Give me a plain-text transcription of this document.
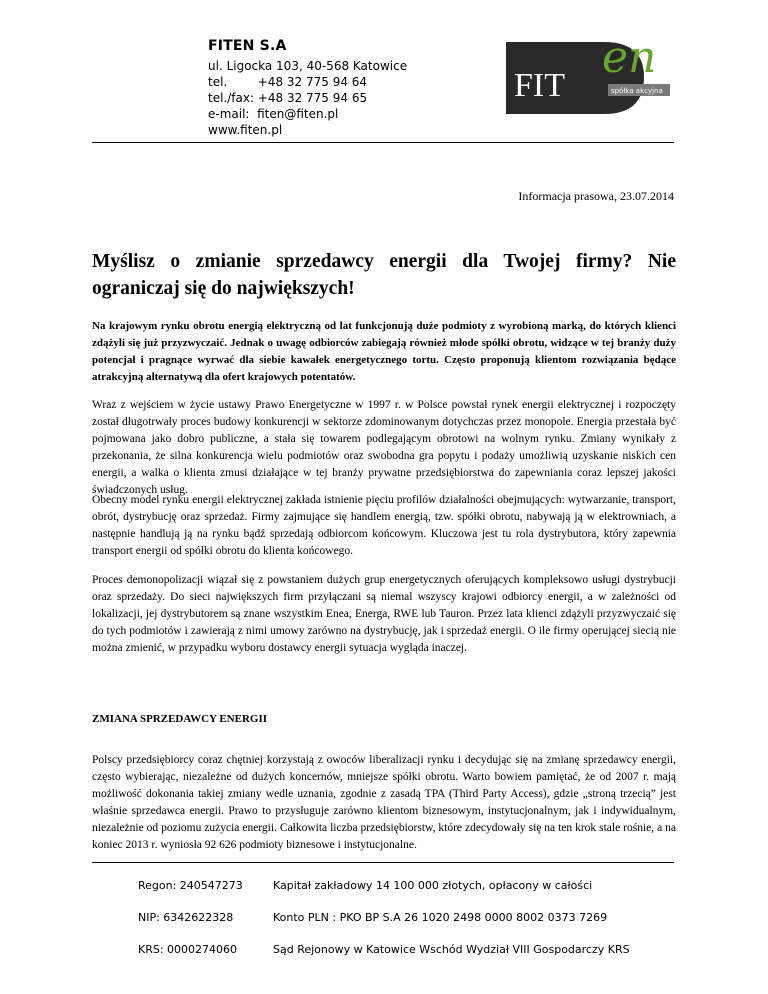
FITEN S.A
ul. Ligocka 103, 40-568 Katowice
tel.        +48 32 775 94 64
tel./fax: +48 32 775 94 65
e-mail:  fiten@fiten.pl
www.fiten.pl
FIT
en
spółka akcyjna
Informacja prasowa, 23.07.2014
Myślisz o zmianie sprzedawcy energii dla Twojej firmy? Nie ograniczaj się do największych!

Na krajowym rynku obrotu energią elektryczną od lat funkcjonują duże podmioty z wyrobioną marką, do których klienci zdążyli się już przyzwyczaić. Jednak o uwagę odbiorców zabiegają również młode spółki obrotu, widzące w tej branży duży potencjał i pragnące wyrwać dla siebie kawałek energetycznego tortu. Często proponują klientom rozwiązania będące atrakcyjną alternatywą dla ofert krajowych potentatów.

Wraz z wejściem w życie ustawy Prawo Energetyczne w 1997 r. w Polsce powstał rynek energii elektrycznej i rozpoczęty został długotrwały proces budowy konkurencji w sektorze zdominowanym dotychczas przez monopole. Energia przestała być pojmowana jako dobro publiczne, a stała się towarem podlegającym obrotowi na wolnym rynku. Zmiany wynikały z przekonania, że silna konkurencja wielu podmiotów oraz swobodna gra popytu i podaży umożliwią uzyskanie niskich cen energii, a walka o klienta zmusi działające w tej branży prywatne przedsiębiorstwa do zapewniania coraz lepszej jakości świadczonych usług.

Obecny model rynku energii elektrycznej zakłada istnienie pięciu profilów działalności obejmujących: wytwarzanie, transport, obrót, dystrybucję oraz sprzedaż. Firmy zajmujące się handlem energią, tzw. spółki obrotu, nabywają ją w elektrowniach, a następnie handlują ją na rynku bądź sprzedają odbiorcom końcowym. Kluczowa jest tu rola dystrybutora, który zapewnia transport energii od spółki obrotu do klienta końcowego.

Proces demonopolizacji wiązał się z powstaniem dużych grup energetycznych oferujących kompleksowo usługi dystrybucji oraz sprzedaży. Do sieci największych firm przyłączani są niemal wszyscy krajowi odbiorcy energii, a w zależności od lokalizacji, jej dystrybutorem są znane wszystkim Enea, Energa, RWE lub Tauron. Przez lata klienci zdążyli przyzwyczaić się do tych podmiotów i zawierają z nimi umowy zarówno na dystrybucję, jak i sprzedaż energii. O ile firmy operującej siecią nie można zmienić, w przypadku wyboru dostawcy energii sytuacja wygląda inaczej.

ZMIANA SPRZEDAWCY ENERGII

Polscy przedsiębiorcy coraz chętniej korzystają z owoców liberalizacji rynku i decydując się na zmianę sprzedawcy energii, często wybierając, niezależne od dużych koncernów, mniejsze spółki obrotu. Warto bowiem pamiętać, że od 2007 r. mają możliwość dokonania takiej zmiany wedle uznania, zgodnie z zasadą TPA (Third Party Access), gdzie „stroną trzecią” jest właśnie sprzedawca energii. Prawo to przysługuje zarówno klientom biznesowym, instytucjonalnym, jak i indywidualnym, niezależnie od poziomu zużycia energii. Całkowita liczba przedsiębiorstw, które zdecydowały się na ten krok stale rośnie, a na koniec 2013 r. wyniosła 92 626 podmioty biznesowe i instytucjonalne.

Regon: 240547273	Kapitał zakładowy 14 100 000 złotych, opłacony w całości
NIP: 6342622328	Konto PLN : PKO BP S.A 26 1020 2498 0000 8002 0373 7269
KRS: 0000274060	Sąd Rejonowy w Katowice Wschód Wydział VIII Gospodarczy KRS
